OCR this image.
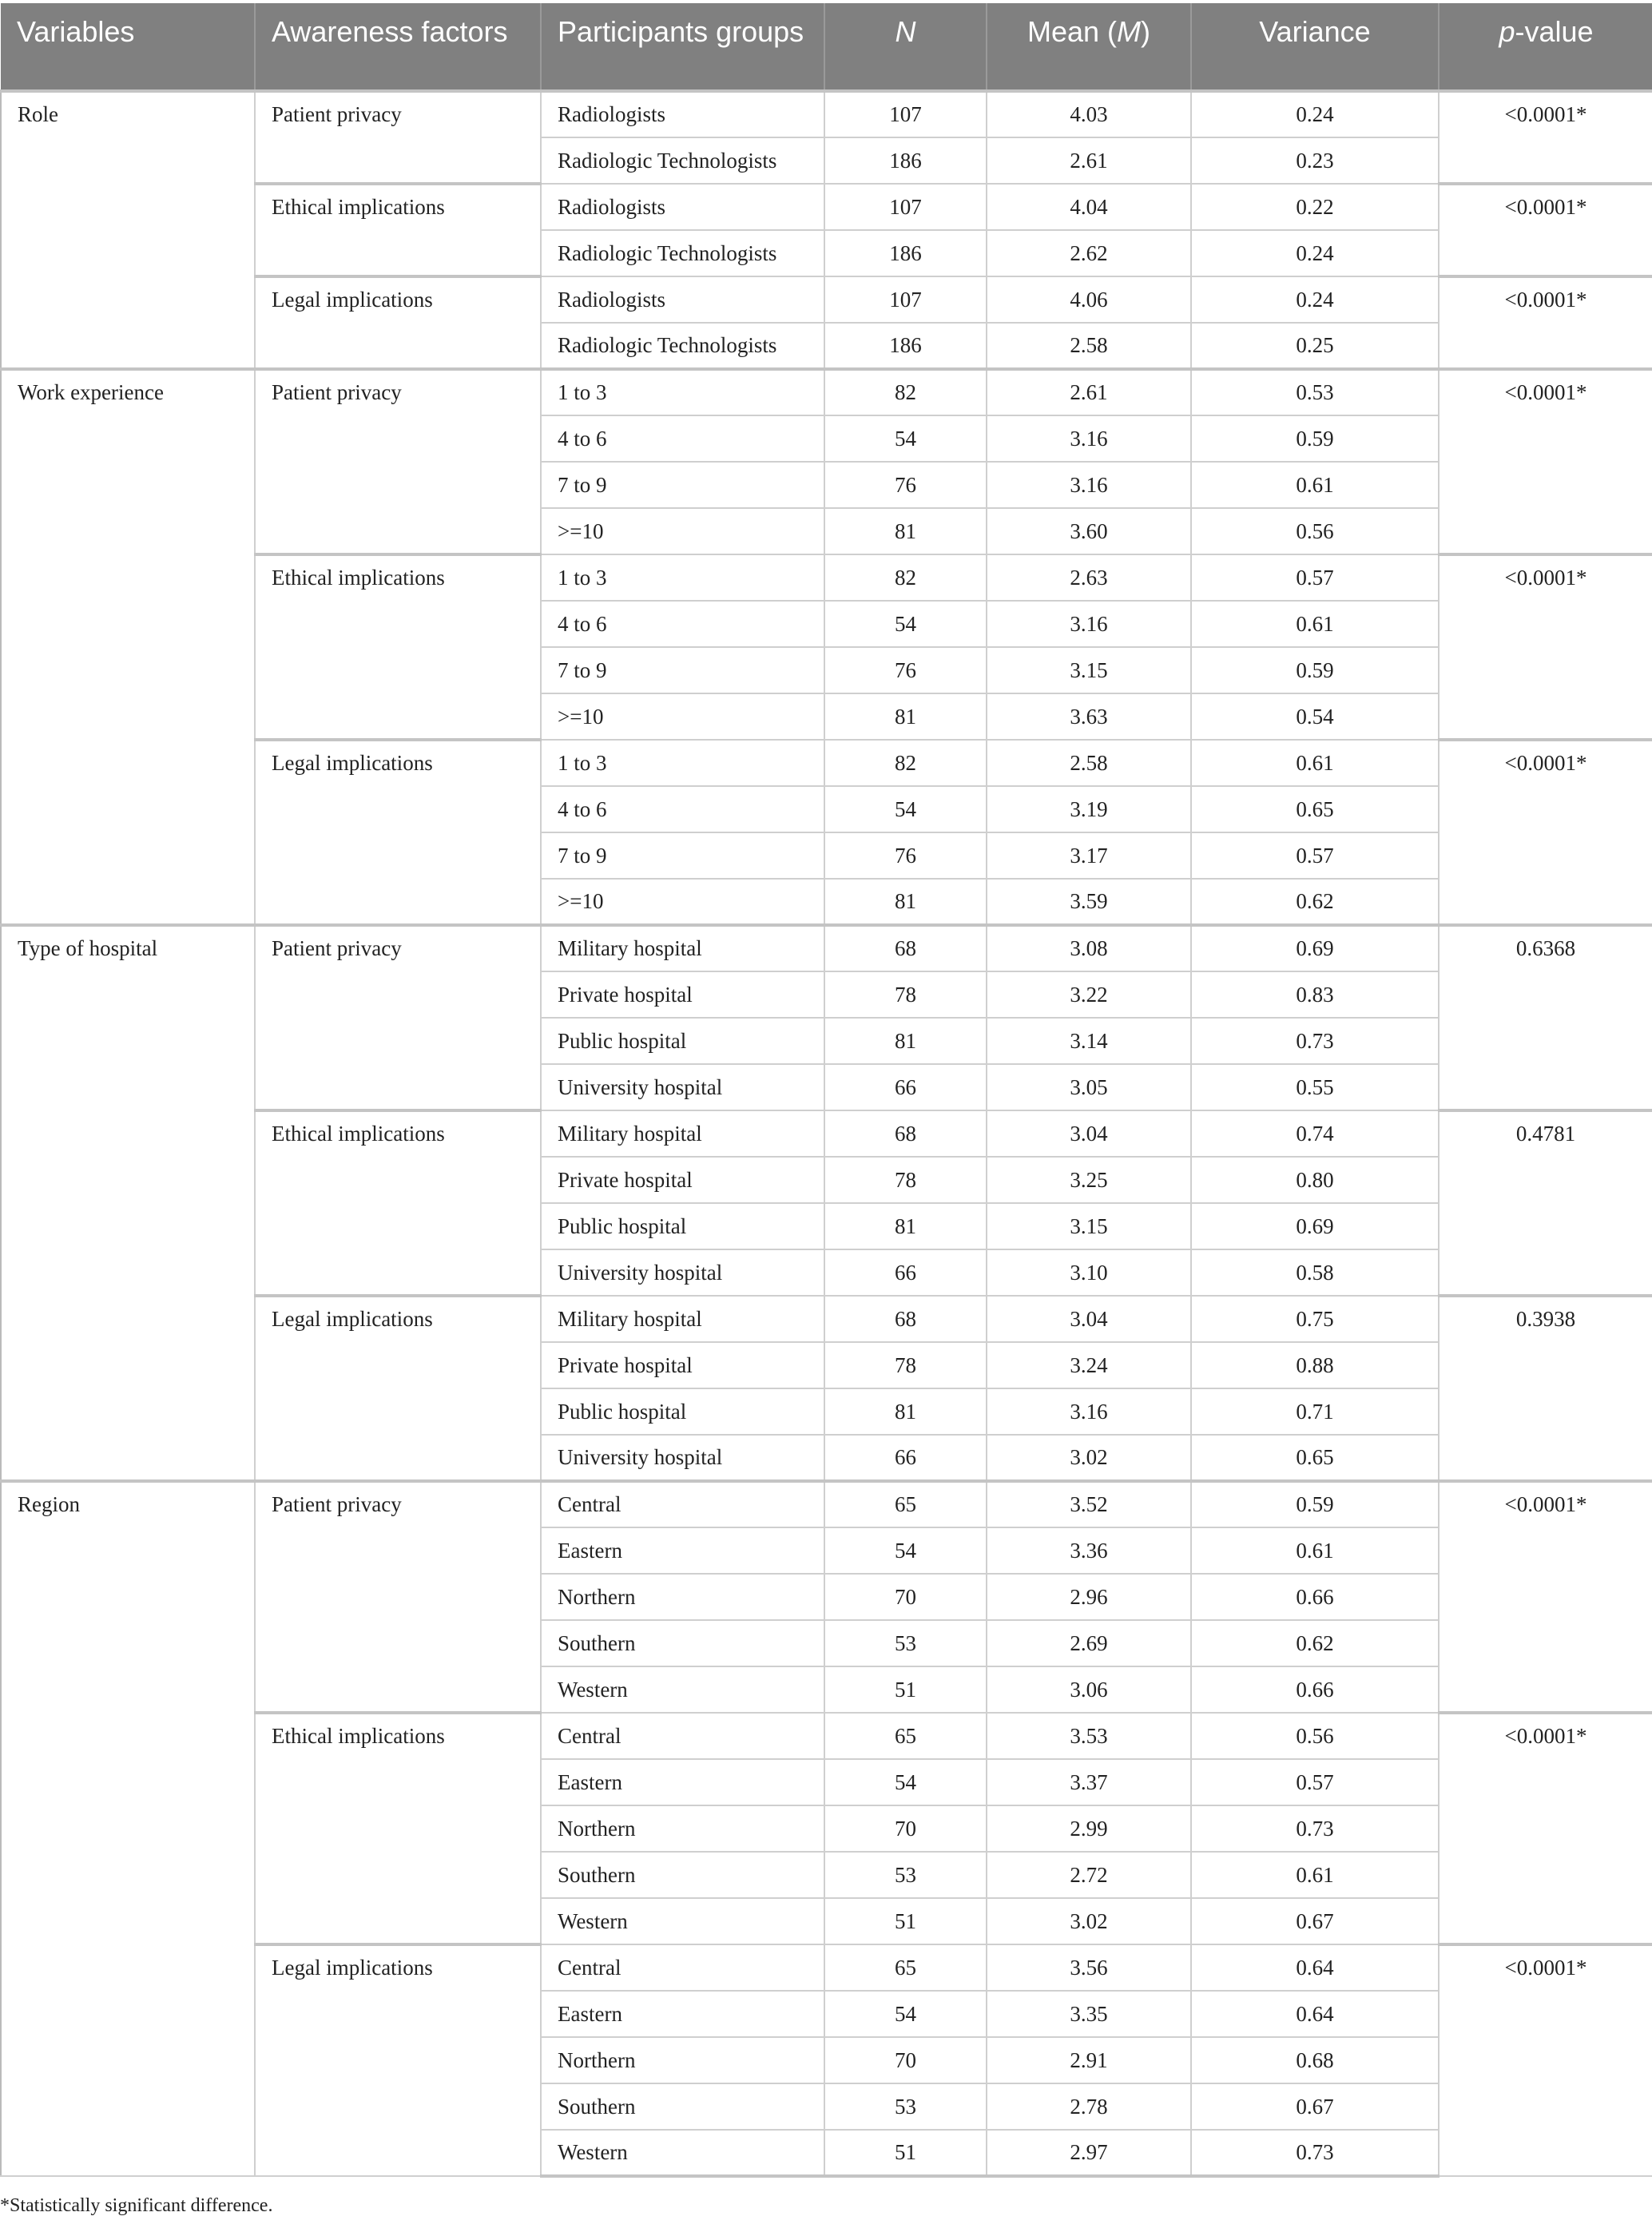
Variables	Awareness factors	Participants groups	N	Mean (M)	Variance	p-value
Role	Patient privacy	Radiologists	107	4.03	0.24	<0.0001*
		Radiologic Technologists	186	2.61	0.23	
	Ethical implications	Radiologists	107	4.04	0.22	<0.0001*
		Radiologic Technologists	186	2.62	0.24	
	Legal implications	Radiologists	107	4.06	0.24	<0.0001*
		Radiologic Technologists	186	2.58	0.25	
Work experience	Patient privacy	1 to 3	82	2.61	0.53	<0.0001*
		4 to 6	54	3.16	0.59	
		7 to 9	76	3.16	0.61	
		>=10	81	3.60	0.56	
	Ethical implications	1 to 3	82	2.63	0.57	<0.0001*
		4 to 6	54	3.16	0.61	
		7 to 9	76	3.15	0.59	
		>=10	81	3.63	0.54	
	Legal implications	1 to 3	82	2.58	0.61	<0.0001*
		4 to 6	54	3.19	0.65	
		7 to 9	76	3.17	0.57	
		>=10	81	3.59	0.62	
Type of hospital	Patient privacy	Military hospital	68	3.08	0.69	0.6368
		Private hospital	78	3.22	0.83	
		Public hospital	81	3.14	0.73	
		University hospital	66	3.05	0.55	
	Ethical implications	Military hospital	68	3.04	0.74	0.4781
		Private hospital	78	3.25	0.80	
		Public hospital	81	3.15	0.69	
		University hospital	66	3.10	0.58	
	Legal implications	Military hospital	68	3.04	0.75	0.3938
		Private hospital	78	3.24	0.88	
		Public hospital	81	3.16	0.71	
		University hospital	66	3.02	0.65	
Region	Patient privacy	Central	65	3.52	0.59	<0.0001*
		Eastern	54	3.36	0.61	
		Northern	70	2.96	0.66	
		Southern	53	2.69	0.62	
		Western	51	3.06	0.66	
	Ethical implications	Central	65	3.53	0.56	<0.0001*
		Eastern	54	3.37	0.57	
		Northern	70	2.99	0.73	
		Southern	53	2.72	0.61	
		Western	51	3.02	0.67	
	Legal implications	Central	65	3.56	0.64	<0.0001*
		Eastern	54	3.35	0.64	
		Northern	70	2.91	0.68	
		Southern	53	2.78	0.67	
		Western	51	2.97	0.73	
*Statistically significant difference.
